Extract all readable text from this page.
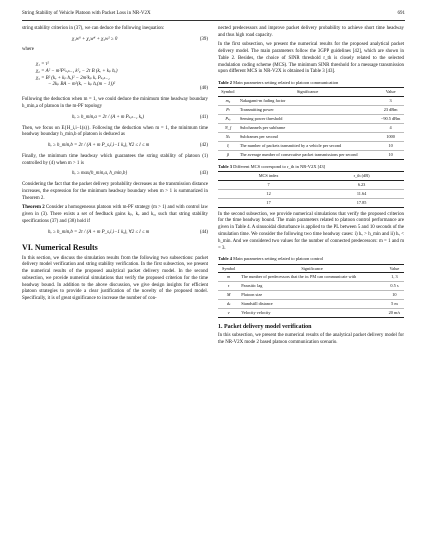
String Stability of Vehicle Platoon with Packet Loss in NR-V2X	691

string stability criterion in (37), we can deduce the following inequation:

χ₁w⁶ + χ₂w⁴ + χ₃w² ≥ 0	(39)

where

χ₁ = τ²
χ₂ = A² − m²P²ₛ,ₖ₋₁ k²ₐ − 2τ B (kᵥ + kₚ hᵥ)
χ₃ = B² (kᵥ + kₚ hᵥ)² − 2m²kₚ kᵥ Pₛ,ₖ₋₁
− 2kₚ BA − m²(kᵥ − kₚ hᵥ(m − 1))²
(40)

Following the deduction when m = 1, we could deduce the minimum time headway boundary h_min,a of platoon in the m-PF topology

hᵥ ≥ h_min,a = 2τ / (A + m Pₛ,ₖ₋₁ kₐ)	(41)

Then, we focus on E{H_i,i−1(s)}. Following the deduction when m = 1, the minimum time headway boundary h_min,b of platoon is deduced as

hᵥ ≥ h_min,b = 2τ / (A + m P_s,i,i−1 kₐ), ∀2 ≤ l ≤ m	(42)

Finally, the minimum time headway which guarantees the string stability of platoon (1) controlled by (4) when m > 1 is

hᵥ ≥ max{h_min,a, h_min,b}	(43)

Considering the fact that the packet delivery probability decreases as the transmission distance increases, the expression for the minimum headway boundary when m > 1 is summarized in Theorem 2.

Theorem 2 Consider a homogeneous platoon with m-PF strategy (m > 1) and with control law given in (3). There exists a set of feedback gains kₚ, kᵥ and kₐ, such that string stability specifications (37) and (38) hold if

hᵥ ≥ h_min,b = 2τ / (A + m P_s,i,i−1 kₐ), ∀2 ≤ l ≤ m	(44)
VI. Numerical Results

In this section, we discuss the simulation results from the following two subsections: packet delivery model verification and string stability verification. In the first subsection, we present the numerical results of the proposed analytical packet delivery model. In the second subsection, we provide numerical simulations that verify the proposed criterion for the time headway bound. In addition to the above discussion, we give design insights for efficient platoon strategies to provide a clear justification of the novelty of the proposed model. Specifically, it is of great significance to increase the number of con-

nected predecessors and improve packet delivery probability to achieve short time headway and thus high road capacity.

In the first subsection, we present the numerical results for the proposed analytical packet delivery model. The main parameters follow the 3GPP guidelines [42], which are shown in Table 2. Besides, the choice of SINR threshold r_th is closely related to the selected modulation coding scheme (MCS). The minimum SINR threshold for a message transmission upon different MCS in NR-V2X is obtained in Table 3 [43].

Table 2 Main parameters setting related to platoon communication
Symbol	Significance	Value
m₀	Nakagami-m fading factor	3
Pₜ	Transmitting power	23 dBm
Pₛₑ	Sensing power threshold	−90.5 dBm
N_f	Subchannels per subframe	4
Nₛ	Subframes per second	1000
ξ	The number of packets transmitted by a vehicle per second	10
β	The average number of consecutive packet transmissions per second	10
Table 3 Different MCS correspond to r_th in NR-V2X [43]
MCS index	r_th (dB)
7	6.23
12	11.64
17	17.85

In the second subsection, we provide numerical simulations that verify the proposed criterion for the time headway bound. The main parameters related to platoon control performance are given in Table 4. A sinusoidal disturbance is applied to the PL between 5 and 10 seconds of the simulation time. We consider the following two time headway cases: i) hᵥ > h_min and ii) hᵥ < h_min. And we considered two values for the number of connected predecessors: m = 1 and m = 3.

Table 4 Main parameters setting related to platoon control
Symbol	Significance	Value
m	The number of predecessors that the iₜₕ PM can communicate with	1, 3
τ	Parasitic lag	0.5 s
M	Platoon size	10
dₛ	Standstill distance	5 m
v	Velocity velocity	20 m/s
1. Packet delivery model verification

In this subsection, we present the numerical results of the analytical packet delivery model for the NR-V2X mode 2 based platoon communication scenario.
